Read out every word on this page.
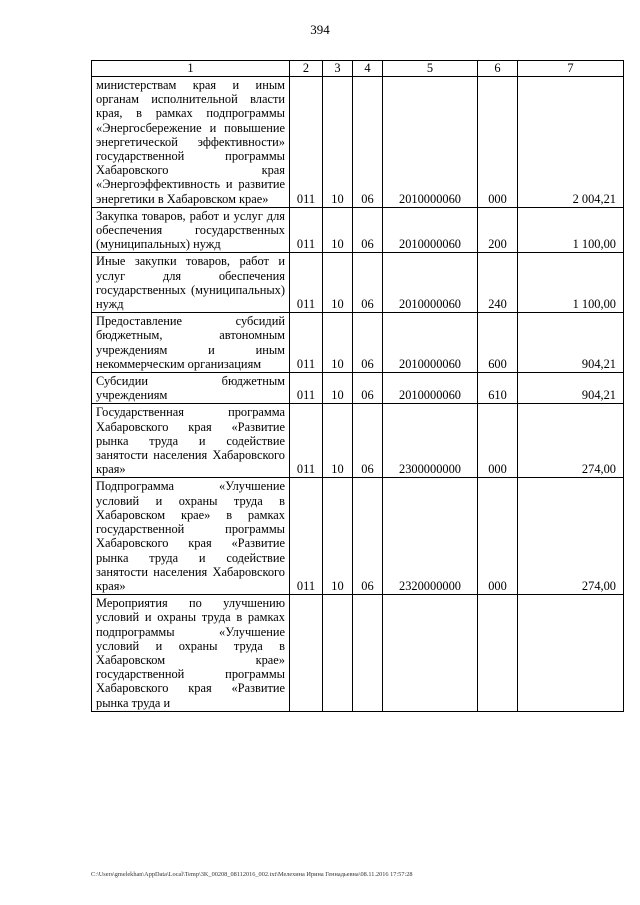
394
1	2	3	4	5	6	7
министерствам края и иным органам исполнительной власти края, в рамках подпрограммы «Энергосбережение и повышение энергетической эффективности» государственной программы Хабаровского края «Энергоэффективность и развитие энергетики в Хабаровском крае»	011	10	06	2010000060	000	2 004,21
Закупка товаров, работ и услуг для обеспечения государственных (муниципальных) нужд	011	10	06	2010000060	200	1 100,00
Иные закупки товаров, работ и услуг для обеспечения государственных (муниципальных) нужд	011	10	06	2010000060	240	1 100,00
Предоставление субсидий бюджетным, автономным учреждениям и иным некоммерческим организациям	011	10	06	2010000060	600	904,21
Субсидии бюджетным учреждениям	011	10	06	2010000060	610	904,21
Государственная программа Хабаровского края «Развитие рынка труда и содействие занятости населения Хабаровского края»	011	10	06	2300000000	000	274,00
Подпрограмма «Улучшение условий и охраны труда в Хабаровском крае» в рамках государственной программы Хабаровского края «Развитие рынка труда и содействие занятости населения Хабаровского края»	011	10	06	2320000000	000	274,00
Мероприятия по улучшению условий и охраны труда в рамках подпрограммы «Улучшение условий и охраны труда в Хабаровском крае» государственной программы Хабаровского края «Развитие рынка труда и						
C:\Users\gmelekhan\AppData\Local\Temp\3K_00208_08112016_002.txt\Мелехина Ирина Геннадьевна\08.11.2016 17:57:28
